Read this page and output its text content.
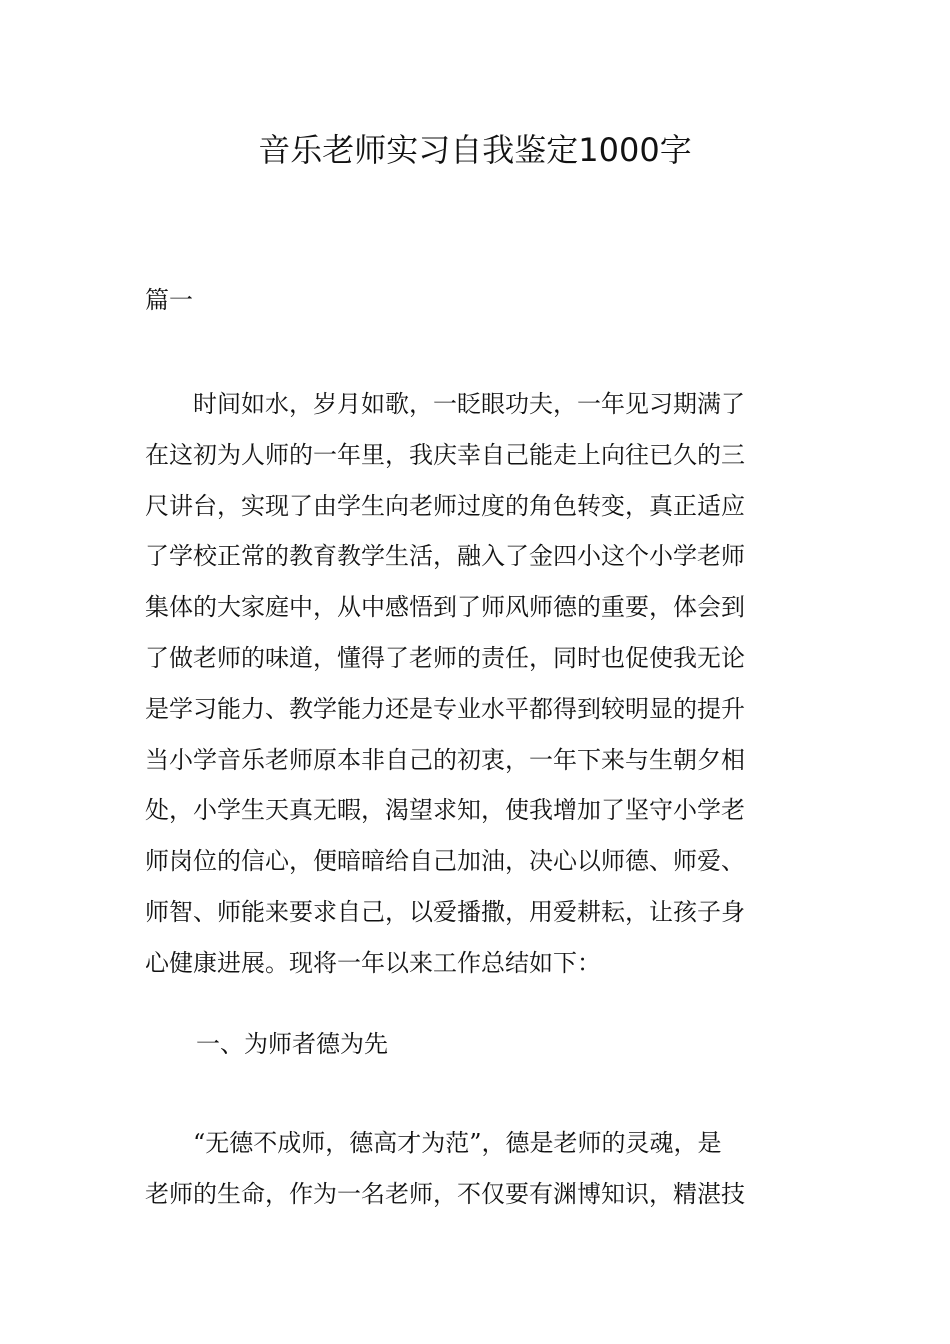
音乐老师实习自我鉴定1000字
篇一
　　时间如水，岁月如歌，一眨眼功夫，一年见习期满了
在这初为人师的一年里，我庆幸自己能走上向往已久的三
尺讲台，实现了由学生向老师过度的角色转变，真正适应
了学校正常的教育教学生活，融入了金四小这个小学老师
集体的大家庭中，从中感悟到了师风师德的重要，体会到
了做老师的味道，懂得了老师的责任，同时也促使我无论
是学习能力、教学能力还是专业水平都得到较明显的提升
当小学音乐老师原本非自己的初衷，一年下来与生朝夕相
处，小学生天真无暇，渴望求知，使我增加了坚守小学老
师岗位的信心，便暗暗给自己加油，决心以师德、师爱、
师智、师能来要求自己，以爱播撒，用爱耕耘，让孩子身
心健康进展。现将一年以来工作总结如下：
一、为师者德为先
　　“无德不成师，德高才为范”，德是老师的灵魂，是
老师的生命，作为一名老师，不仅要有渊博知识，精湛技
